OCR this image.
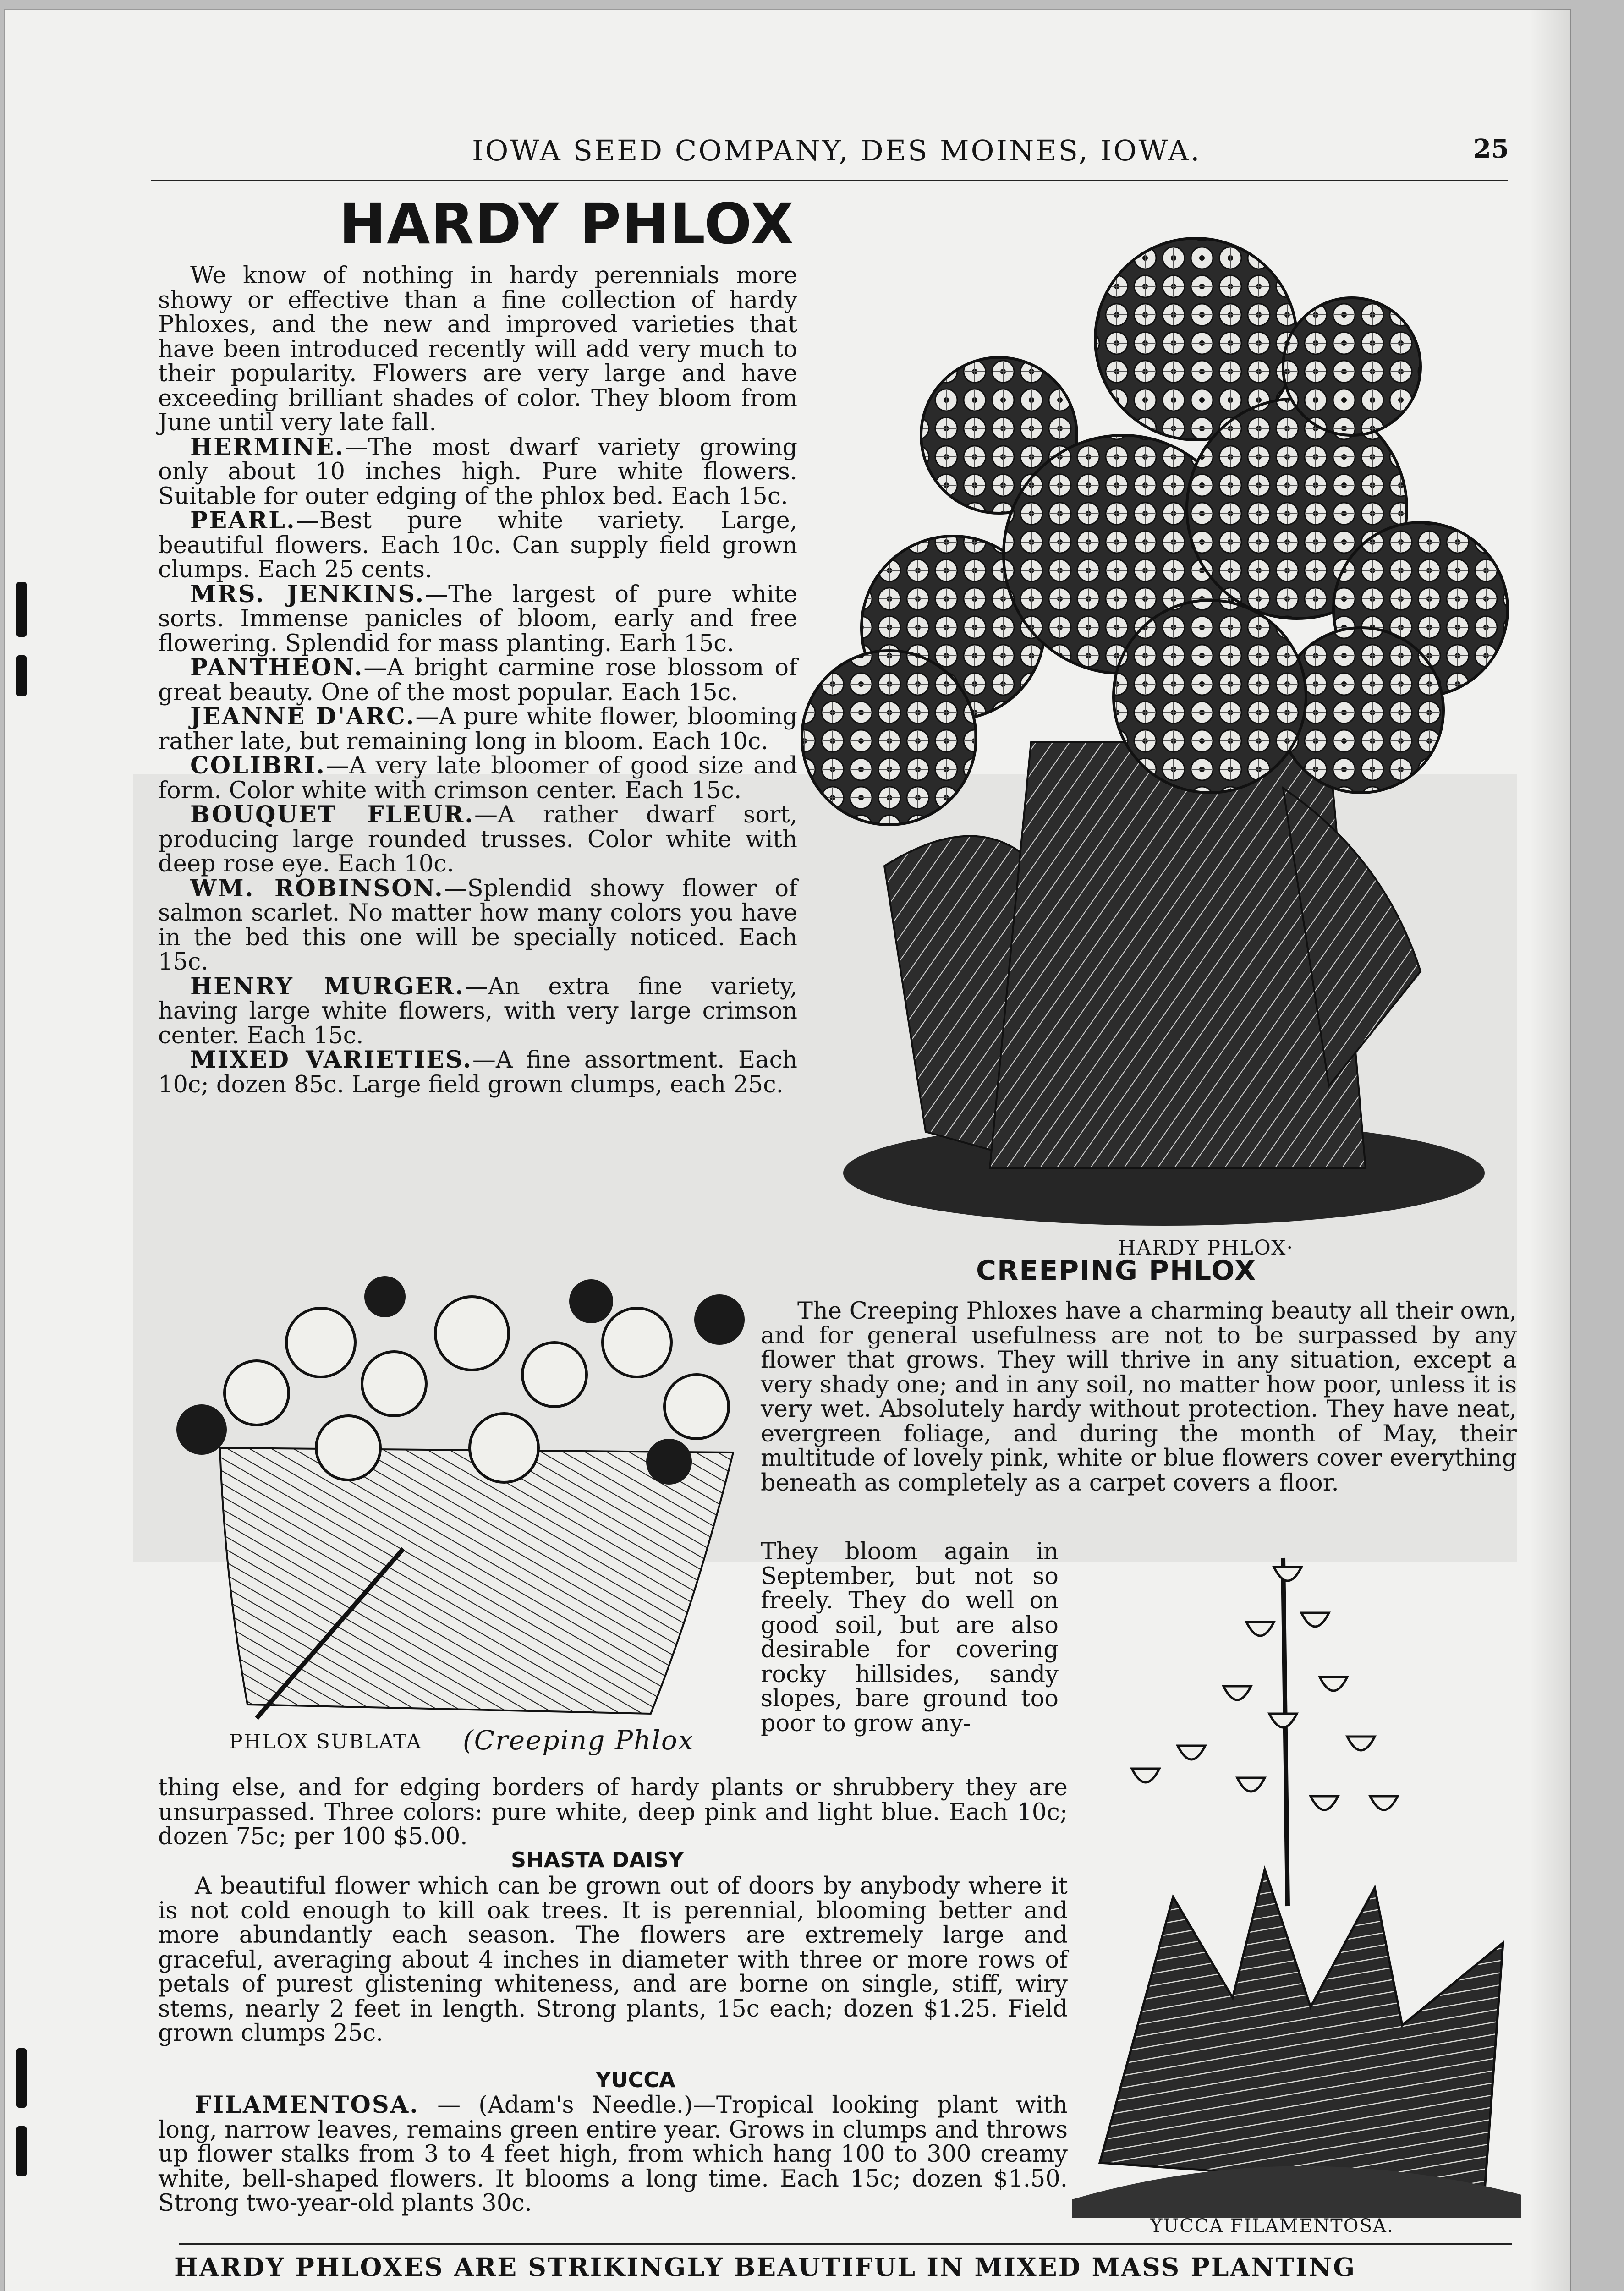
IOWA SEED COMPANY, DES MOINES, IOWA.	25
HARDY PHLOX

We know of nothing in hardy perennials more showy or effective than a fine collection of hardy Phloxes, and the new and improved varieties that have been introduced recently will add very much to their popularity. Flowers are very large and have exceeding brilliant shades of color. They bloom from June until very late fall.

HERMINE.—The most dwarf variety growing only about 10 inches high. Pure white flowers. Suitable for outer edging of the phlox bed. Each 15c.

PEARL.—Best pure white variety. Large, beautiful flowers. Each 10c. Can supply field grown clumps. Each 25 cents.

MRS. JENKINS.—The largest of pure white sorts. Immense panicles of bloom, early and free flowering. Splendid for mass planting. Earh 15c.

PANTHEON.—A bright carmine rose blossom of great beauty. One of the most popular. Each 15c.

JEANNE D'ARC.—A pure white flower, blooming rather late, but remaining long in bloom. Each 10c.

COLIBRI.—A very late bloomer of good size and form. Color white with crimson center. Each 15c.

BOUQUET FLEUR.—A rather dwarf sort, producing large rounded trusses. Color white with deep rose eye. Each 10c.

WM. ROBINSON.—Splendid showy flower of salmon scarlet. No matter how many colors you have in the bed this one will be specially noticed. Each 15c.

HENRY MURGER.—An extra fine variety, having large white flowers, with very large crimson center. Each 15c.

MIXED VARIETIES.—A fine assortment. Each 10c; dozen 85c. Large field grown clumps, each 25c.

HARDY PHLOX·
CREEPING PHLOX
The Creeping Phloxes have a charming beauty all their own, and for general usefulness are not to be surpassed by any flower that grows. They will thrive in any situation, except a very shady one; and in any soil, no matter how poor, unless it is very wet. Absolutely hardy without protection. They have neat, evergreen foliage, and during the month of May, their multitude of lovely pink, white or blue flowers cover everything beneath as completely as a carpet covers a floor.
They bloom again in September, but not so freely. They do well on good soil, but are also desirable for covering rocky hillsides, sandy slopes, bare ground too poor to grow any-
PHLOX SUBLATA (Creeping Phlox
thing else, and for edging borders of hardy plants or shrubbery they are unsurpassed. Three colors: pure white, deep pink and light blue. Each 10c; dozen 75c; per 100 $5.00.
SHASTA DAISY
A beautiful flower which can be grown out of doors by anybody where it is not cold enough to kill oak trees. It is perennial, blooming better and more abundantly each season. The flowers are extremely large and graceful, averaging about 4 inches in diameter with three or more rows of petals of purest glistening whiteness, and are borne on single, stiff, wiry stems, nearly 2 feet in length. Strong plants, 15c each; dozen $1.25. Field grown clumps 25c.
YUCCA
FILAMENTOSA. — (Adam's Needle.)—Tropical looking plant with long, narrow leaves, remains green entire year. Grows in clumps and throws up flower stalks from 3 to 4 feet high, from which hang 100 to 300 creamy white, bell-shaped flowers. It blooms a long time. Each 15c; dozen $1.50. Strong two-year-old plants 30c.
YUCCA FILAMENTOSA.
HARDY PHLOXES ARE STRIKINGLY BEAUTIFUL IN MIXED MASS PLANTING
